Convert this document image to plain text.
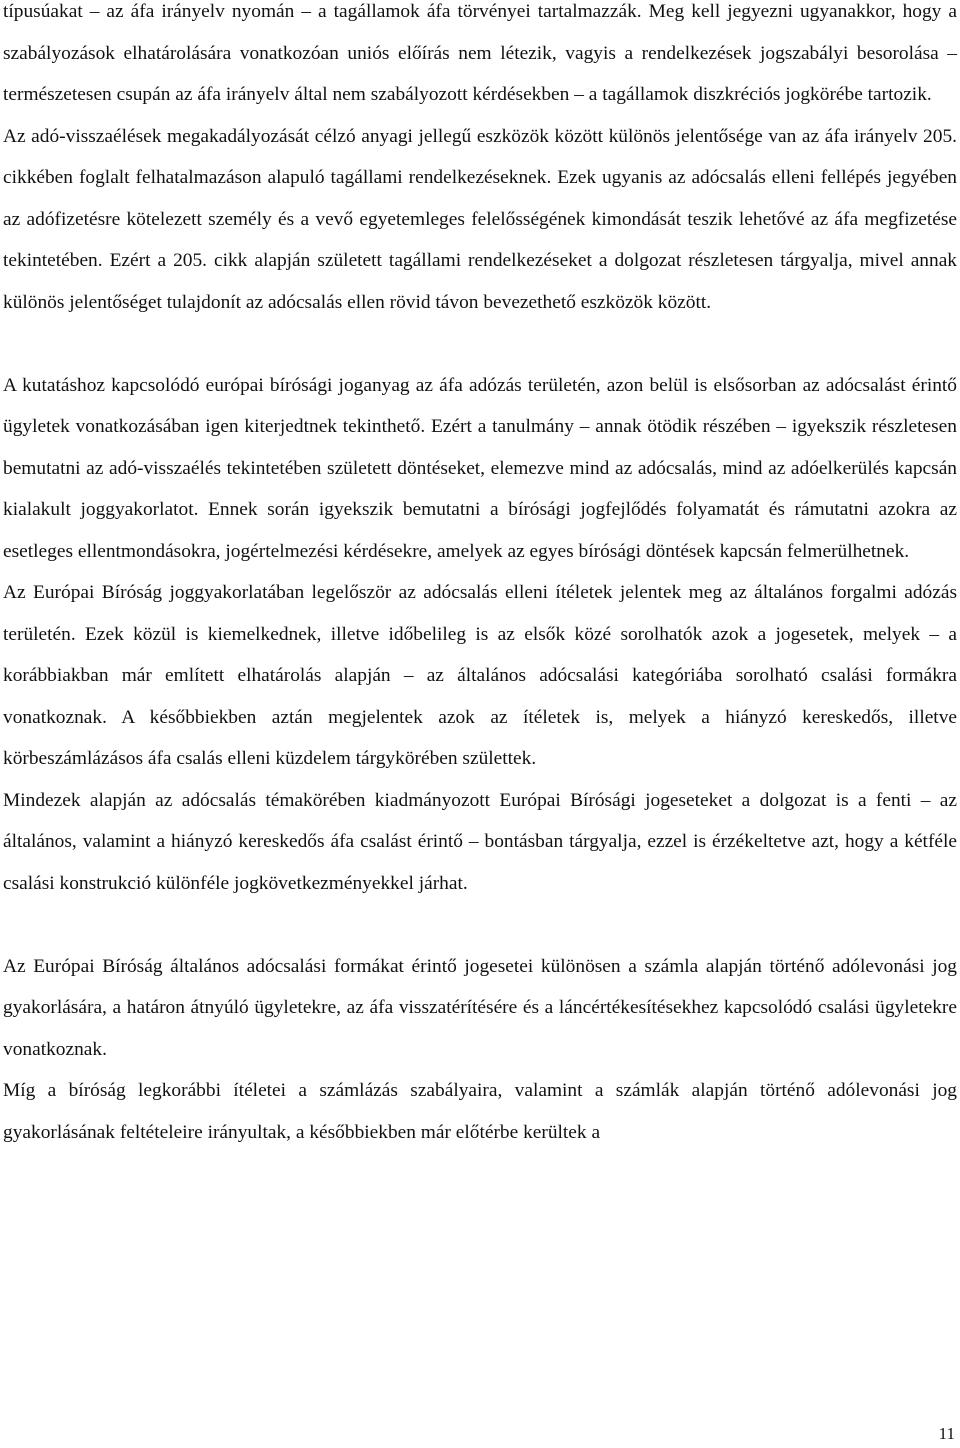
típusúakat – az áfa irányelv nyomán – a tagállamok áfa törvényei tartalmazzák. Meg kell jegyezni ugyanakkor, hogy a szabályozások elhatárolására vonatkozóan uniós előírás nem létezik, vagyis a rendelkezések jogszabályi besorolása – természetesen csupán az áfa irányelv által nem szabályozott kérdésekben – a tagállamok diszkréciós jogkörébe tartozik.

Az adó-visszaélések megakadályozását célzó anyagi jellegű eszközök között különös jelentősége van az áfa irányelv 205. cikkében foglalt felhatalmazáson alapuló tagállami rendelkezéseknek. Ezek ugyanis az adócsalás elleni fellépés jegyében az adófizetésre kötelezett személy és a vevő egyetemleges felelősségének kimondását teszik lehetővé az áfa megfizetése tekintetében. Ezért a 205. cikk alapján született tagállami rendelkezéseket a dolgozat részletesen tárgyalja, mivel annak különös jelentőséget tulajdonít az adócsalás ellen rövid távon bevezethető eszközök között.

A kutatáshoz kapcsolódó európai bírósági joganyag az áfa adózás területén, azon belül is elsősorban az adócsalást érintő ügyletek vonatkozásában igen kiterjedtnek tekinthető. Ezért a tanulmány – annak ötödik részében – igyekszik részletesen bemutatni az adó-visszaélés tekintetében született döntéseket, elemezve mind az adócsalás, mind az adóelkerülés kapcsán kialakult joggyakorlatot. Ennek során igyekszik bemutatni a bírósági jogfejlődés folyamatát és rámutatni azokra az esetleges ellentmondásokra, jogértelmezési kérdésekre, amelyek az egyes bírósági döntések kapcsán felmerülhetnek.

Az Európai Bíróság joggyakorlatában legelőször az adócsalás elleni ítéletek jelentek meg az általános forgalmi adózás területén. Ezek közül is kiemelkednek, illetve időbelileg is az elsők közé sorolhatók azok a jogesetek, melyek – a korábbiakban már említett elhatárolás alapján – az általános adócsalási kategóriába sorolható csalási formákra vonatkoznak. A későbbiekben aztán megjelentek azok az ítéletek is, melyek a hiányzó kereskedős, illetve körbeszámlázásos áfa csalás elleni küzdelem tárgykörében születtek.

Mindezek alapján az adócsalás témakörében kiadmányozott Európai Bírósági jogeseteket a dolgozat is a fenti – az általános, valamint a hiányzó kereskedős áfa csalást érintő – bontásban tárgyalja, ezzel is érzékeltetve azt, hogy a kétféle csalási konstrukció különféle jogkövetkezményekkel járhat.

Az Európai Bíróság általános adócsalási formákat érintő jogesetei különösen a számla alapján történő adólevonási jog gyakorlására, a határon átnyúló ügyletekre, az áfa visszatérítésére és a láncértékesítésekhez kapcsolódó csalási ügyletekre vonatkoznak.

Míg a bíróság legkorábbi ítéletei a számlázás szabályaira, valamint a számlák alapján történő adólevonási jog gyakorlásának feltételeire irányultak, a későbbiekben már előtérbe kerültek a

11
